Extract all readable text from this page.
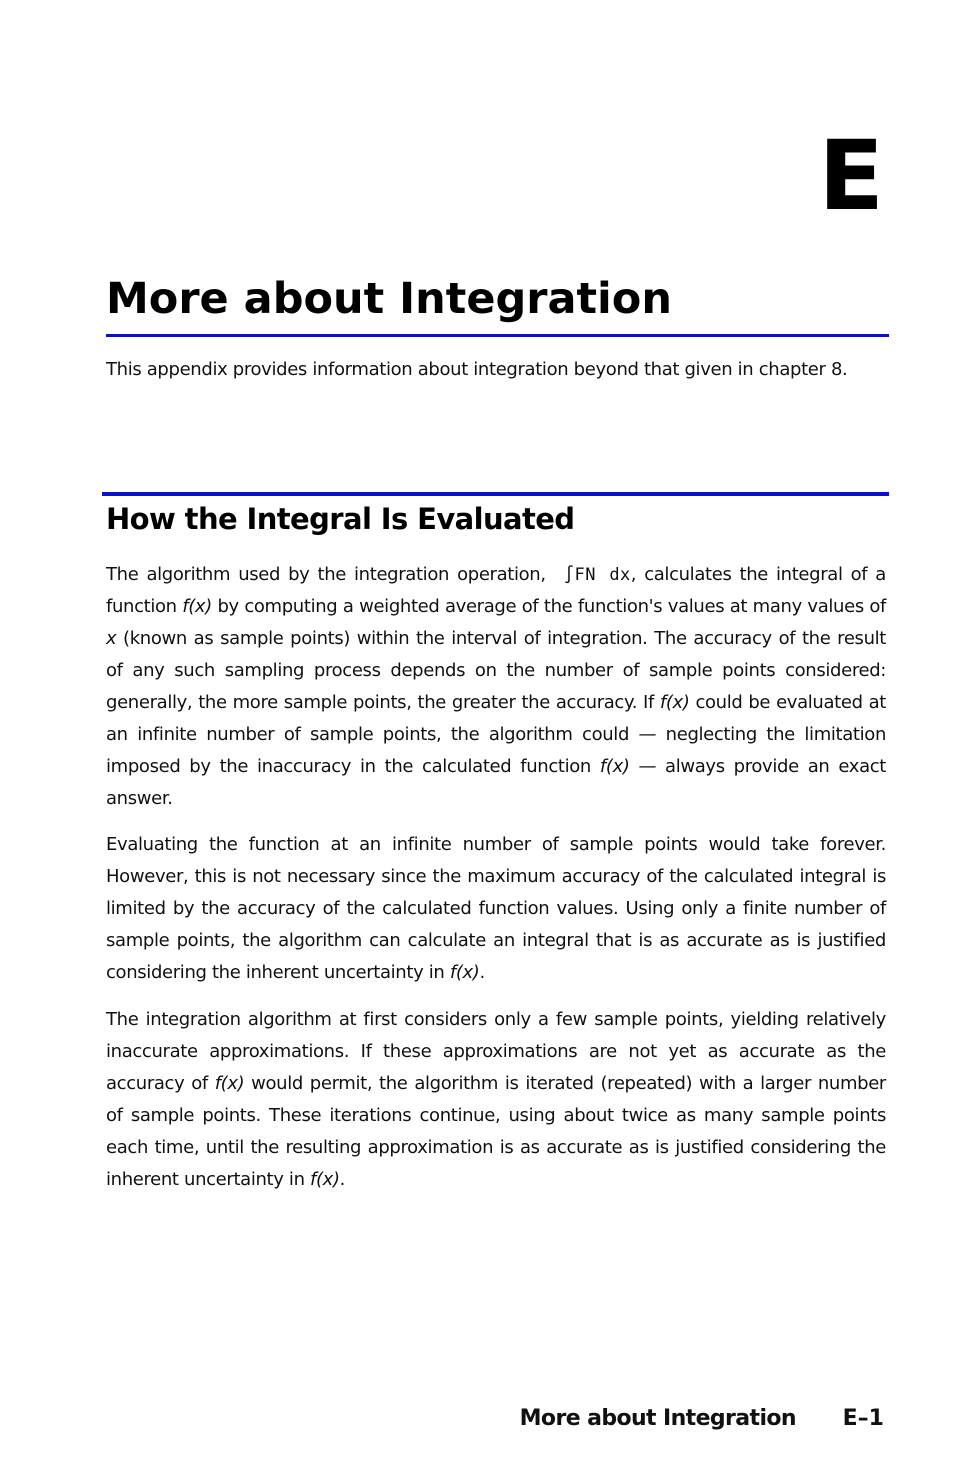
E
More about Integration

This appendix provides information about integration beyond that given in chapter 8.

How the Integral Is Evaluated

The algorithm used by the integration operation, ∫FN dx, calculates the integral of a function f(x) by computing a weighted average of the function's values at many values of x (known as sample points) within the interval of integration. The accuracy of the result of any such sampling process depends on the number of sample points considered: generally, the more sample points, the greater the accuracy. If f(x) could be evaluated at an infinite number of sample points, the algorithm could — neglecting the limitation imposed by the inaccuracy in the calculated function f(x) — always provide an exact answer.

Evaluating the function at an infinite number of sample points would take forever. However, this is not necessary since the maximum accuracy of the calculated integral is limited by the accuracy of the calculated function values. Using only a finite number of sample points, the algorithm can calculate an integral that is as accurate as is justified considering the inherent uncertainty in f(x).

The integration algorithm at first considers only a few sample points, yielding relatively inaccurate approximations. If these approximations are not yet as accurate as the accuracy of f(x) would permit, the algorithm is iterated (repeated) with a larger number of sample points. These iterations continue, using about twice as many sample points each time, until the resulting approximation is as accurate as is justified considering the inherent uncertainty in f(x).

More about Integration E–1
